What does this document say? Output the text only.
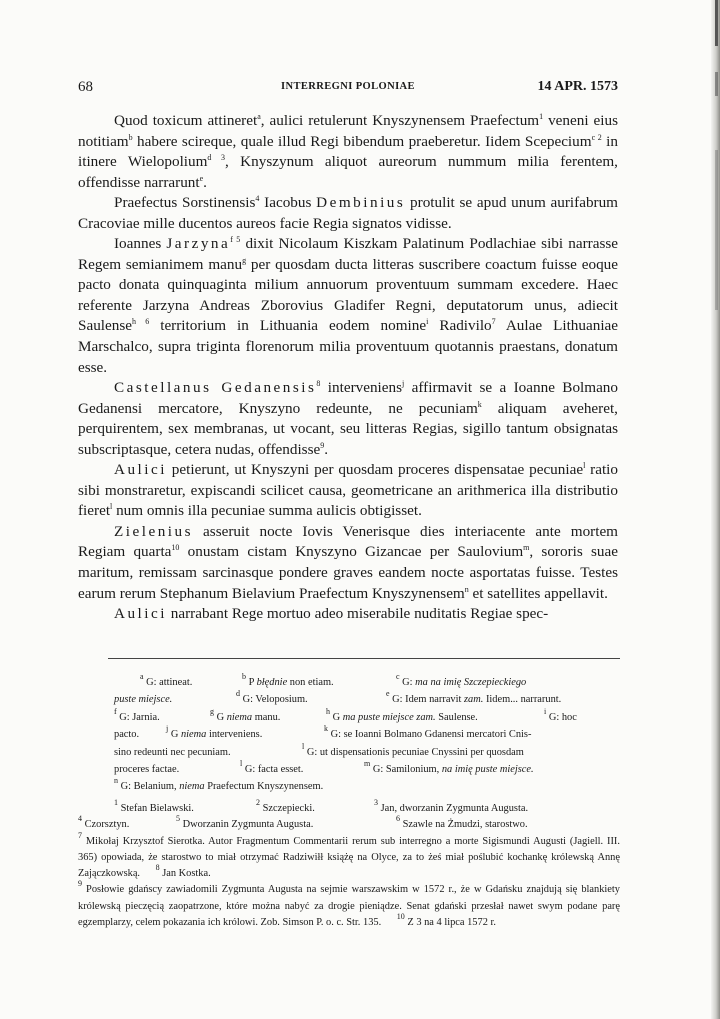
68	INTERREGNI POLONIAE	14 APR. 1573

Quod toxicum attineret$^a$, aulici retulerunt Knyszynensem Praefectum$^1$ veneni eius notitiam$^b$ habere scireque, quale illud Regi bibendum praeberetur. Iidem Scepecium$^{c 2}$ in itinere Wielopolium$^{d 3}$, Knyszynum aliquot aureorum nummum milia ferentem, offendisse narrarunt$^e$.

Praefectus Sorstinensis$^4$ Iacobus Dembinius protulit se apud unum aurifabrum Cracoviae mille ducentos aureos facie Regia signatos vidisse.

Ioannes Jarzyna$^{f 5}$ dixit Nicolaum Kiszkam Palatinum Podlachiae sibi narrasse Regem semianimem manu$^g$ per quosdam ducta litteras suscribere coactum fuisse eoque pacto donata quinquaginta milium annuorum proventuum summam excedere. Haec referente Jarzyna Andreas Zborovius Gladifer Regni, deputatorum unus, adiecit Saulense$^{h 6}$ territorium in Lithuania eodem nomine$^i$ Radivilo$^7$ Aulae Lithuaniae Marschalco, supra triginta florenorum milia proventuum quotannis praestans, donatum esse.

Castellanus Gedanensis$^8$ interveniens$^j$ affirmavit se a Ioanne Bolmano Gedanensi mercatore, Knyszyno redeunte, ne pecuniam$^k$ aliquam aveheret, perquirentem, sex membranas, ut vocant, seu litteras Regias, sigillo tantum obsignatas subscriptasque, cetera nudas, offendisse$^9$.

Aulici petierunt, ut Knyszyni per quosdam proceres dispensatae pecuniae$^l$ ratio sibi monstraretur, expiscandi scilicet causa, geometricane an arithmerica illa distributio fieret$^l$ num omnis illa pecuniae summa aulicis obtigisset.

Zielenius asseruit nocte Iovis Venerisque dies interiacente ante mortem Regiam quarta$^{10}$ onustam cistam Knyszyno Gizancae per Saulovium$^m$, sororis suae maritum, remissam sarcinasque pondere graves eandem nocte asportatas fuisse. Testes earum rerum Stephanum Bielavium Praefectum Knyszynensem$^n$ et satellites appellavit.

Aulici narrabant Rege mortuo adeo miserabile nuditatis Regiae spec-

$^a$ G: attineat.$^b$ P błędnie non etiam.$^c$ G: ma na imię Szczepieckiego
puste miejsce.$^d$ G: Veloposium.$^e$ G: Idem narravit zam. Iidem... narrarunt.
$^f$ G: Jarnia.$^g$ G niema manu.$^h$ G ma puste miejsce zam. Saulense.$^i$ G: hoc
pacto.$^j$ G niema interveniens.$^k$ G: se Ioanni Bolmano Gdanensi mercatori Cnis-
sino redeunti nec pecuniam.$^l$ G: ut dispensationis pecuniae Cnyssini per quosdam
proceres factae.$^l$ G: facta esset.$^m$ G: Samilonium, na imię puste miejsce.
$^n$ G: Belanium, niema Praefectum Knyszynensem.
$^1$ Stefan Bielawski.$^2$ Szczepiecki.$^3$ Jan, dworzanin Zygmunta Augusta.
$^4$ Czorsztyn.$^5$ Dworzanin Zygmunta Augusta.$^6$ Szawle na Żmudzi, starostwo.

$^7$ Mikołaj Krzysztof Sierotka. Autor Fragmentum Commentarii rerum sub interregno a morte Sigismundi Augusti (Jagiell. III. 365) opowiada, że starostwo to miał otrzymać Radziwiłł książę na Olyce, za to żeś miał poślubić kochankę królewską Annę Zajączkowską.      $^8$ Jan Kostka.

$^9$ Posłowie gdańscy zawiadomili Zygmunta Augusta na sejmie warszawskim w 1572 r., że w Gdańsku znajdują się blankiety królewską pieczęcią zaopatrzone, które można nabyć za drogie pieniądze. Senat gdański przesłał nawet swym podane parę egzemplarzy, celem pokazania ich królowi. Zob. Simson P. o. c. Str. 135.      $^{10}$ Z 3 na 4 lipca 1572 r.
